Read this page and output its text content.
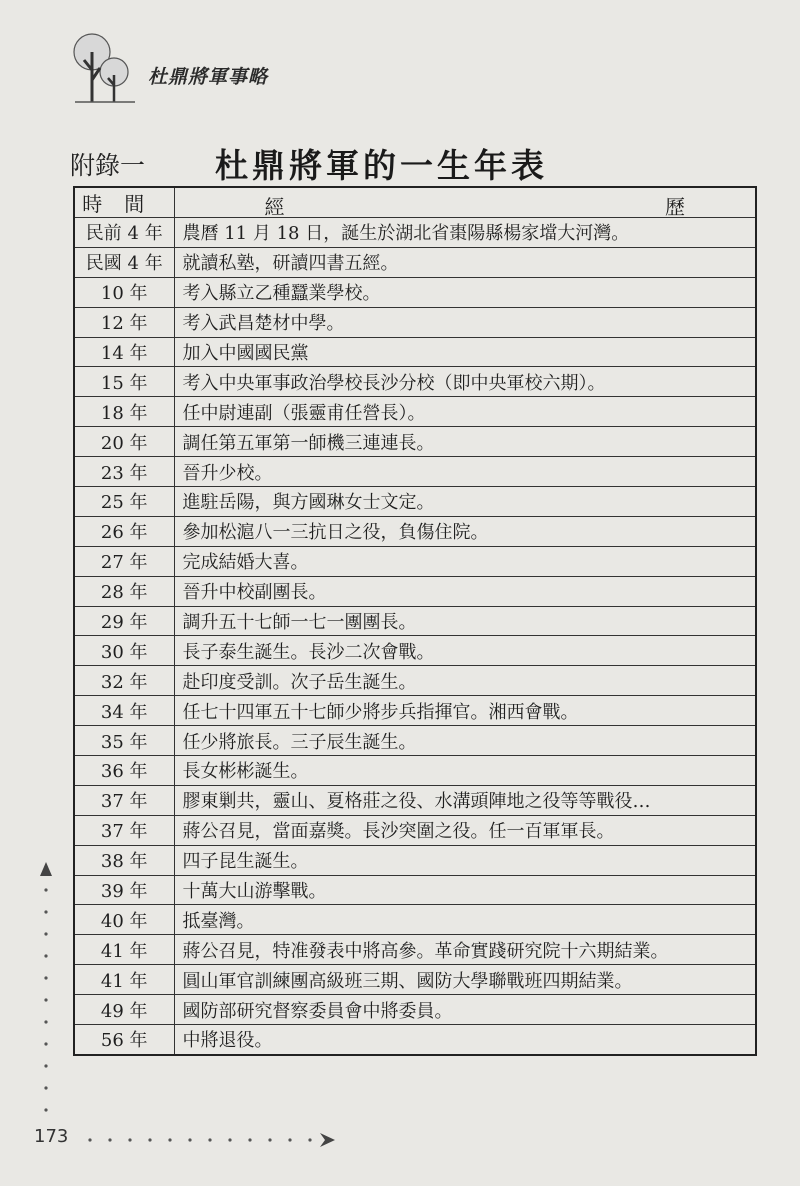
杜鼎將軍事略
附錄一 杜鼎將軍的一生年表
時間	經 歷

民前 4 年	農曆 11 月 18 日，誕生於湖北省棗陽縣楊家壋大河灣。
民國 4 年	就讀私塾，研讀四書五經。
10 年	考入縣立乙種蠶業學校。
12 年	考入武昌楚材中學。
14 年	加入中國國民黨
15 年	考入中央軍事政治學校長沙分校（即中央軍校六期）。
18 年	任中尉連副（張靈甫任營長）。
20 年	調任第五軍第一師機三連連長。
23 年	晉升少校。
25 年	進駐岳陽，與方國琳女士文定。
26 年	參加松滬八一三抗日之役，負傷住院。
27 年	完成結婚大喜。
28 年	晉升中校副團長。
29 年	調升五十七師一七一團團長。
30 年	長子泰生誕生。長沙二次會戰。
32 年	赴印度受訓。次子岳生誕生。
34 年	任七十四軍五十七師少將步兵指揮官。湘西會戰。
35 年	任少將旅長。三子辰生誕生。
36 年	長女彬彬誕生。
37 年	膠東剿共，靈山、夏格莊之役、水溝頭陣地之役等等戰役…
37 年	蔣公召見，當面嘉獎。長沙突圍之役。任一百軍軍長。
38 年	四子昆生誕生。
39 年	十萬大山游擊戰。
40 年	抵臺灣。
41 年	蔣公召見，特准發表中將高參。革命實踐研究院十六期結業。
41 年	圓山軍官訓練團高級班三期、國防大學聯戰班四期結業。
49 年	國防部研究督察委員會中將委員。
56 年	中將退役。
173
